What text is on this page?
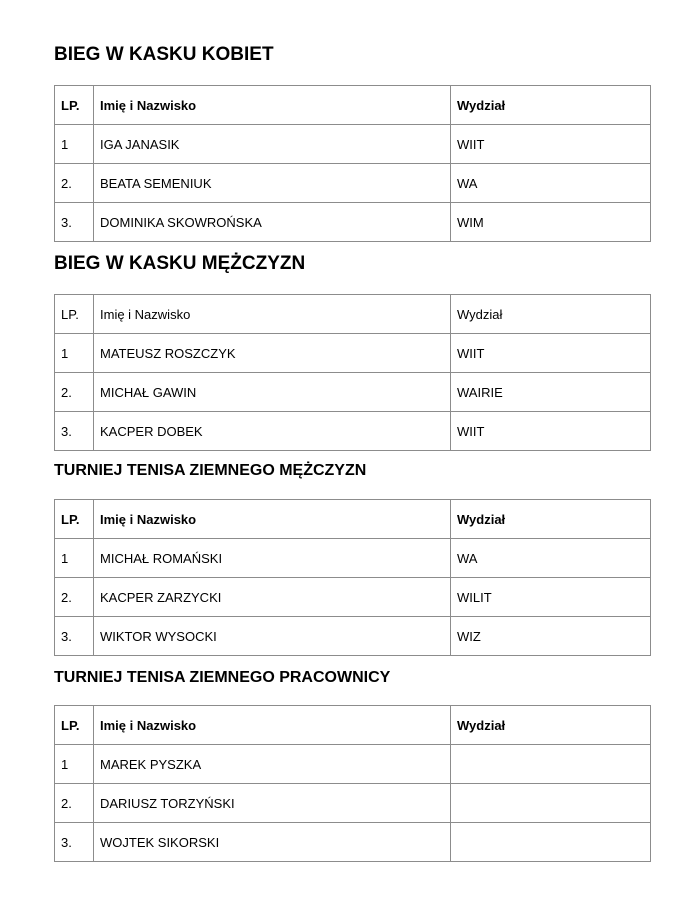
BIEG W KASKU KOBIET
LP.	Imię i Nazwisko	Wydział
1	IGA JANASIK	WIIT
2.	BEATA SEMENIUK	WA
3.	DOMINIKA SKOWROŃSKA	WIM
BIEG W KASKU MĘŻCZYZN
LP.	Imię i Nazwisko	Wydział
1	MATEUSZ ROSZCZYK	WIIT
2.	MICHAŁ GAWIN	WAIRIE
3.	KACPER DOBEK	WIIT
TURNIEJ TENISA ZIEMNEGO MĘŻCZYZN
LP.	Imię i Nazwisko	Wydział
1	MICHAŁ ROMAŃSKI	WA
2.	KACPER ZARZYCKI	WILIT
3.	WIKTOR WYSOCKI	WIZ
TURNIEJ TENISA ZIEMNEGO PRACOWNICY
LP.	Imię i Nazwisko	Wydział
1	MAREK PYSZKA	
2.	DARIUSZ TORZYŃSKI	
3.	WOJTEK SIKORSKI	
